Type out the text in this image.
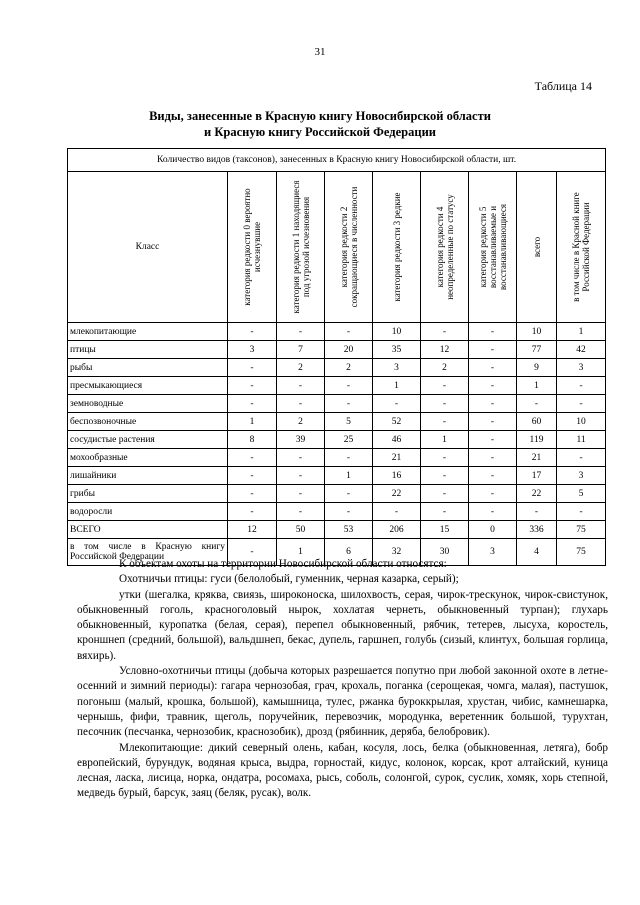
31
Таблица 14
Виды, занесенные в Красную книгу Новосибирской области
и Красную книгу Российской Федерации
Количество видов (таксонов), занесенных в Красную книгу Новосибирской области, шт.								
Класс	категория редкости 0 вероятно исчезнувшие	категория редкости 1 находящиеся под угрозой исчезновения	категория редкости 2 сокращающиеся в численности	категория редкости 3 редкие	категория редкости 4 неопределенные по статусу	категория редкости 5 восстанавливаемые и восстанавливающиеся	всего	в том числе в Красной книге Российской Федерации

млекопитающие	-	-	-	10	-	-	10	1
птицы	3	7	20	35	12	-	77	42
рыбы	-	2	2	3	2	-	9	3
пресмыкающиеся	-	-	-	1	-	-	1	-
земноводные	-	-	-	-	-	-	-	-
беспозвоночные	1	2	5	52	-	-	60	10
сосудистые растения	8	39	25	46	1	-	119	11
мохообразные	-	-	-	21	-	-	21	-
лишайники	-	-	1	16	-	-	17	3
грибы	-	-	-	22	-	-	22	5
водоросли	-	-	-	-	-	-	-	-
ВСЕГО	12	50	53	206	15	0	336	75
в том числе в Красную книгу Российской Федерации	-	1	6	32	30	3	4	75

К объектам охоты на территории Новосибирской области относятся:

Охотничьи птицы: гуси (белолобый, гуменник, черная казарка, серый);

утки (шегалка, кряква, свиязь, широконоска, шилохвость, серая, чирок-трескунок, чирок-свистунок, обыкновенный гоголь, красноголовый нырок, хохлатая чернеть, обыкновенный турпан); глухарь обыкновенный, куропатка (белая, серая), перепел обыкновенный, рябчик, тетерев, лысуха, коростель, кроншнеп (средний, большой), вальдшнеп, бекас, дупель, гаршнеп, голубь (сизый, клинтух, большая горлица, вяхирь).

Условно-охотничьи птицы (добыча которых разрешается попутно при любой законной охоте в летне-осенний и зимний периоды): гагара чернозобая, грач, крохаль, поганка (серощекая, чомга, малая), пастушок, погоныш (малый, крошка, большой), камышница, тулес, ржанка буроккрылая, хрустан, чибис, камнешарка, чернышь, фифи, травник, щеголь, поручейник, перевозчик, мородунка, веретенник большой, турухтан, песочник (песчанка, чернозобик, краснозобик), дрозд (рябинник, деряба, белобровик).

Млекопитающие: дикий северный олень, кабан, косуля, лось, белка (обыкновенная, летяга), бобр европейский, бурундук, водяная крыса, выдра, горностай, кидус, колонок, корсак, крот алтайский, куница лесная, ласка, лисица, норка, ондатра, росомаха, рысь, соболь, солонгой, сурок, суслик, хомяк, хорь степной, медведь бурый, барсук, заяц (беляк, русак), волк.
